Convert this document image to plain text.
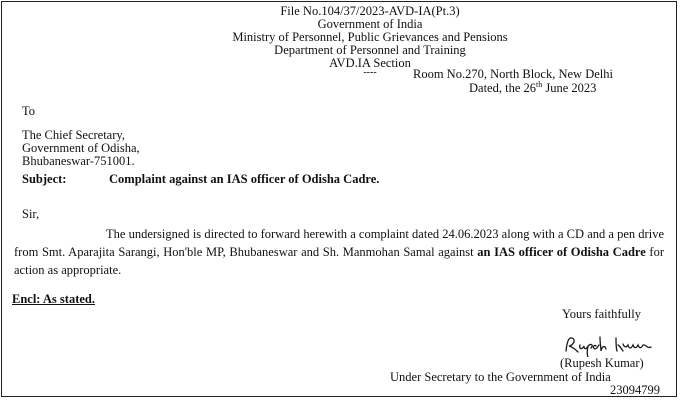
File No.104/37/2023-AVD-IA(Pt.3)
Government of India
Ministry of Personnel, Public Grievances and Pensions
Department of Personnel and Training
AVD.IA Section
----	Room No.270, North Block, New Delhi
Dated, the 26th June 2023
To
The Chief Secretary,
Government of Odisha,
Bhubaneswar-751001.
Subject:	Complaint against an IAS officer of Odisha Cadre.
Sir,
The undersigned is directed to forward herewith a complaint dated 24.06.2023 along with a CD and a pen drive from Smt. Aparajita Sarangi, Hon'ble MP, Bhubaneswar and Sh. Manmohan Samal against an IAS officer of Odisha Cadre for action as appropriate.
Encl: As stated.
Yours faithfully
(Rupesh Kumar)
Under Secretary to the Government of India
23094799
